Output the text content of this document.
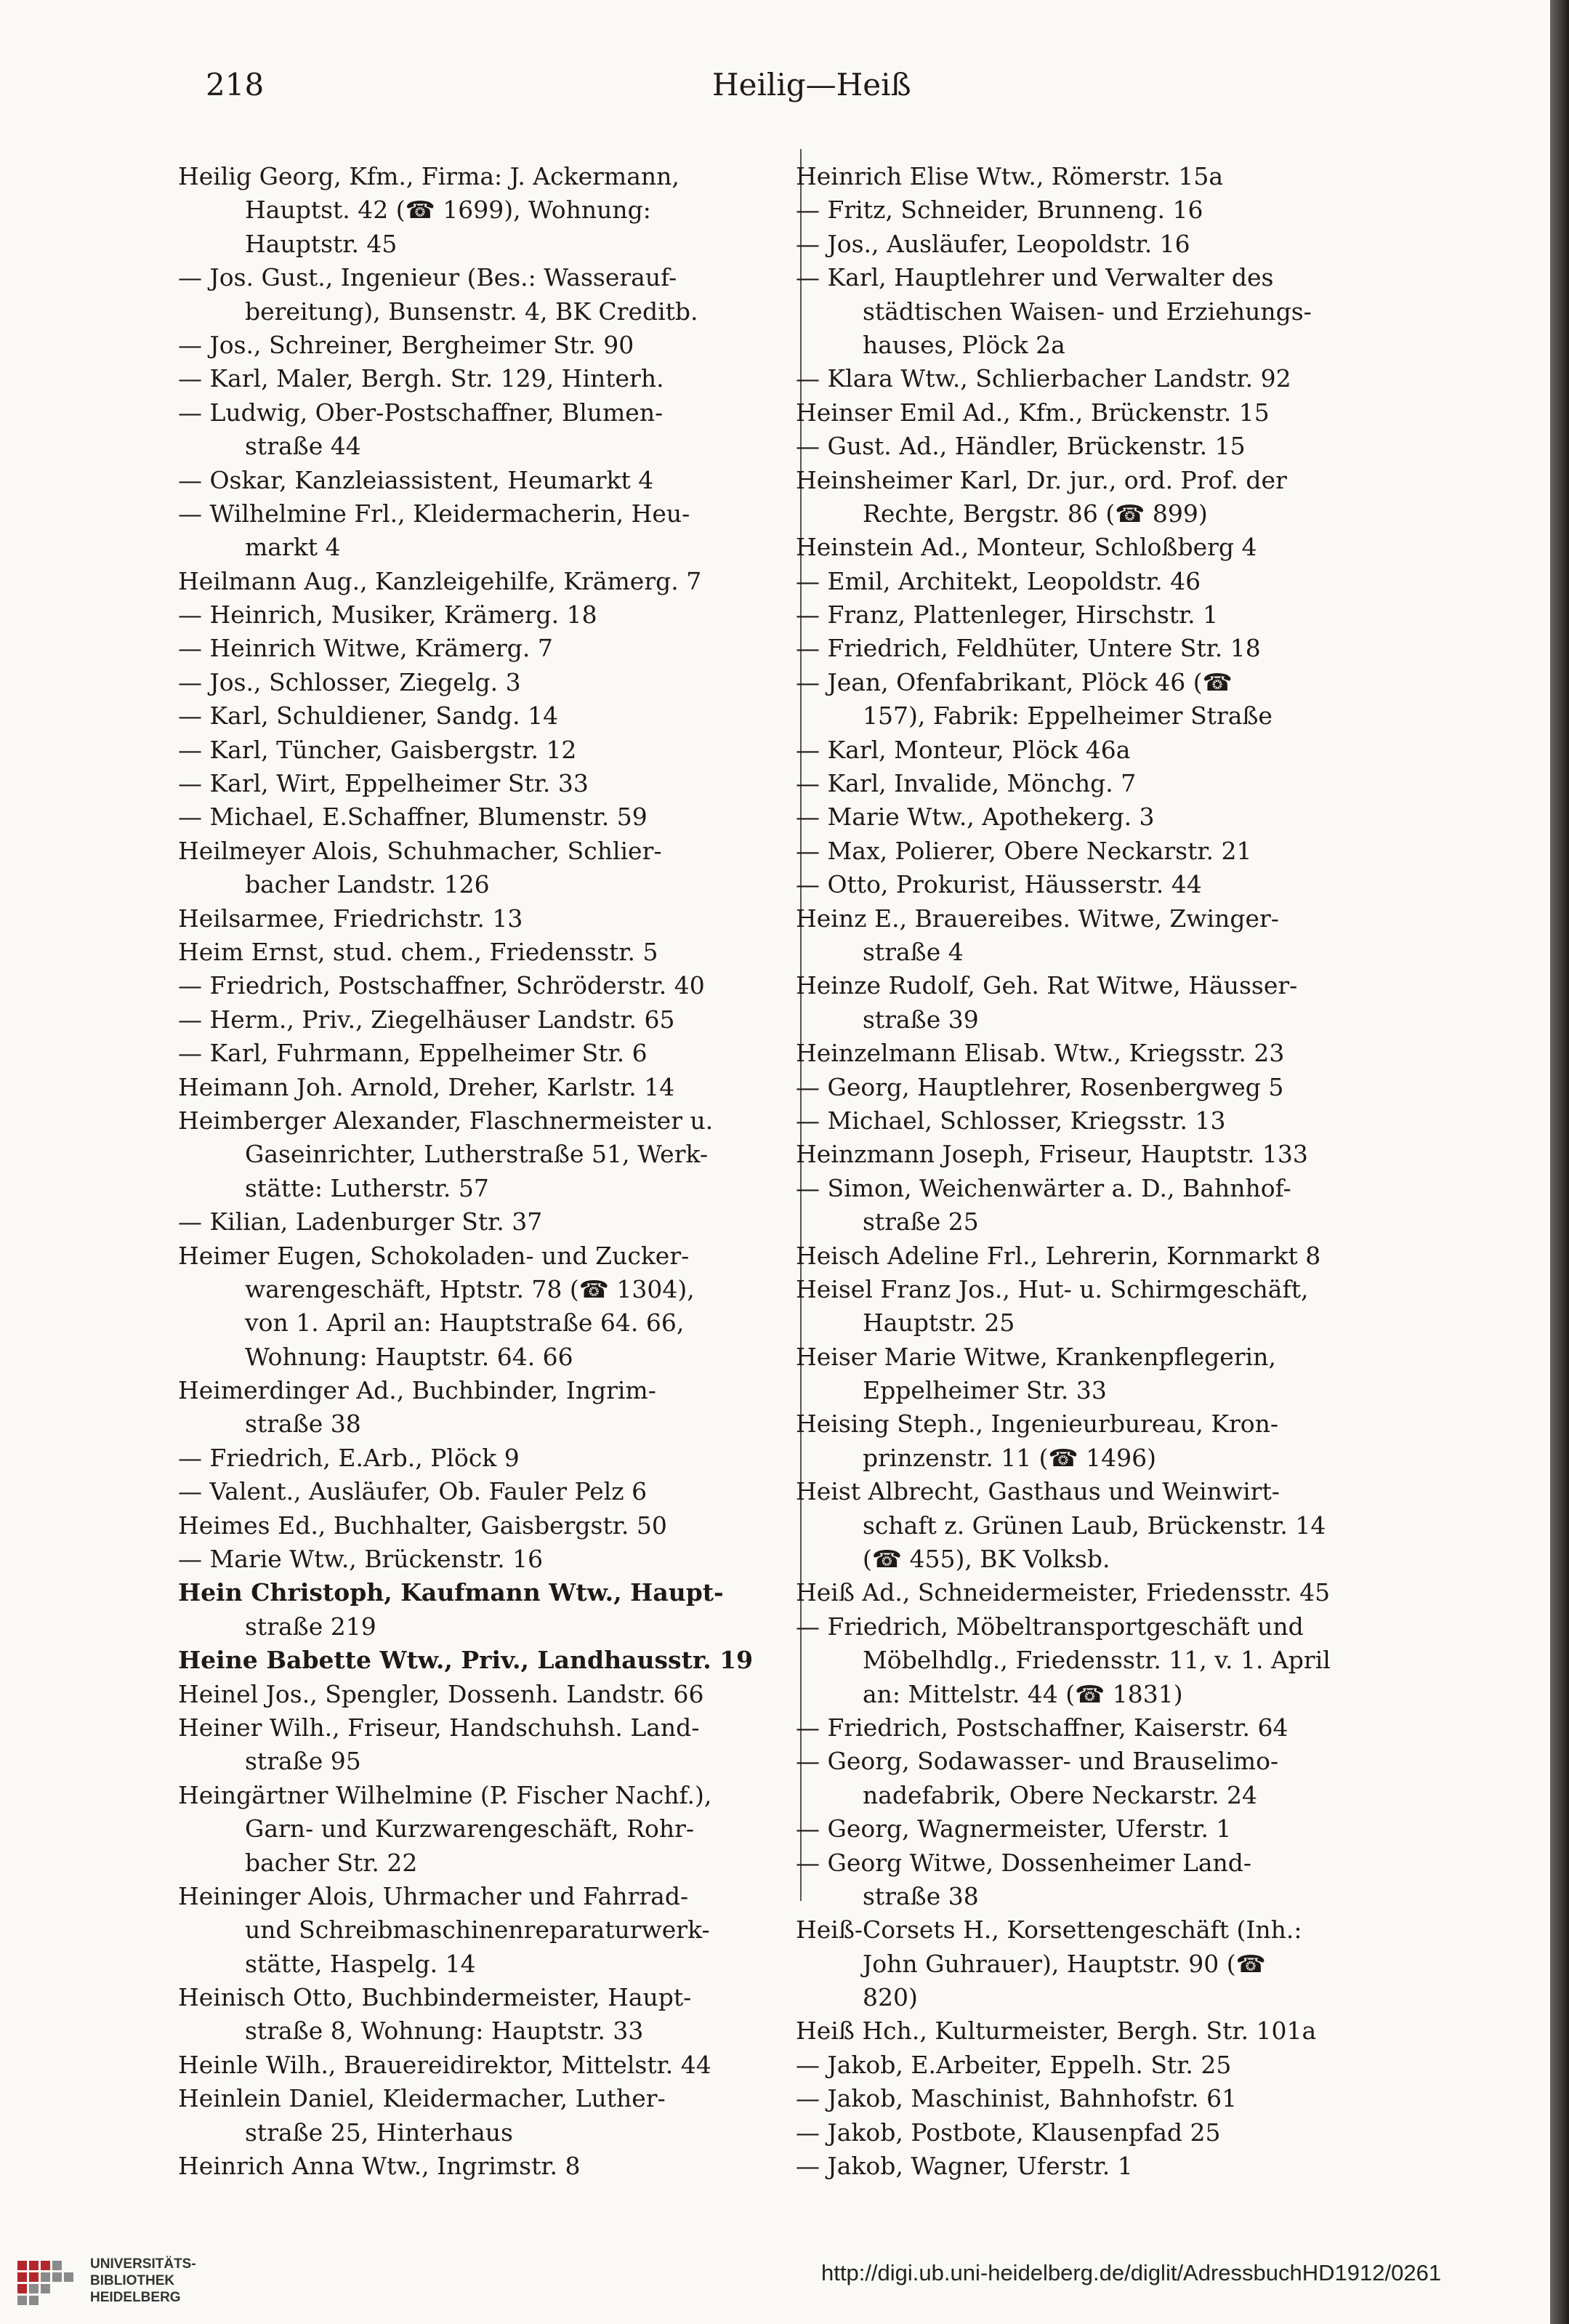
218	Heilig—Heiß
Heilig Georg, Kfm., Firma: J. Ackermann,
Hauptst. 42 (☎ 1699), Wohnung:
Hauptstr. 45
— Jos. Gust., Ingenieur (Bes.: Wasserauf-
bereitung), Bunsenstr. 4, BK Creditb.
— Jos., Schreiner, Bergheimer Str. 90
— Karl, Maler, Bergh. Str. 129, Hinterh.
— Ludwig, Ober-Postschaffner, Blumen-
straße 44
— Oskar, Kanzleiassistent, Heumarkt 4
— Wilhelmine Frl., Kleidermacherin, Heu-
markt 4
Heilmann Aug., Kanzleigehilfe, Krämerg. 7
— Heinrich, Musiker, Krämerg. 18
— Heinrich Witwe, Krämerg. 7
— Jos., Schlosser, Ziegelg. 3
— Karl, Schuldiener, Sandg. 14
— Karl, Tüncher, Gaisbergstr. 12
— Karl, Wirt, Eppelheimer Str. 33
— Michael, E.Schaffner, Blumenstr. 59
Heilmeyer Alois, Schuhmacher, Schlier-
bacher Landstr. 126
Heilsarmee, Friedrichstr. 13
Heim Ernst, stud. chem., Friedensstr. 5
— Friedrich, Postschaffner, Schröderstr. 40
— Herm., Priv., Ziegelhäuser Landstr. 65
— Karl, Fuhrmann, Eppelheimer Str. 6
Heimann Joh. Arnold, Dreher, Karlstr. 14
Heimberger Alexander, Flaschnermeister u.
Gaseinrichter, Lutherstraße 51, Werk-
stätte: Lutherstr. 57
— Kilian, Ladenburger Str. 37
Heimer Eugen, Schokoladen- und Zucker-
warengeschäft, Hptstr. 78 (☎ 1304),
von 1. April an: Hauptstraße 64. 66,
Wohnung: Hauptstr. 64. 66
Heimerdinger Ad., Buchbinder, Ingrim-
straße 38
— Friedrich, E.Arb., Plöck 9
— Valent., Ausläufer, Ob. Fauler Pelz 6
Heimes Ed., Buchhalter, Gaisbergstr. 50
— Marie Wtw., Brückenstr. 16
Hein Christoph, Kaufmann Wtw., Haupt-
straße 219
Heine Babette Wtw., Priv., Landhausstr. 19
Heinel Jos., Spengler, Dossenh. Landstr. 66
Heiner Wilh., Friseur, Handschuhsh. Land-
straße 95
Heingärtner Wilhelmine (P. Fischer Nachf.),
Garn- und Kurzwarengeschäft, Rohr-
bacher Str. 22
Heininger Alois, Uhrmacher und Fahrrad-
und Schreibmaschinenreparaturwerk-
stätte, Haspelg. 14
Heinisch Otto, Buchbindermeister, Haupt-
straße 8, Wohnung: Hauptstr. 33
Heinle Wilh., Brauereidirektor, Mittelstr. 44
Heinlein Daniel, Kleidermacher, Luther-
straße 25, Hinterhaus
Heinrich Anna Wtw., Ingrimstr. 8
Heinrich Elise Wtw., Römerstr. 15a
— Fritz, Schneider, Brunneng. 16
— Jos., Ausläufer, Leopoldstr. 16
— Karl, Hauptlehrer und Verwalter des
städtischen Waisen- und Erziehungs-
hauses, Plöck 2a
— Klara Wtw., Schlierbacher Landstr. 92
Heinser Emil Ad., Kfm., Brückenstr. 15
— Gust. Ad., Händler, Brückenstr. 15
Heinsheimer Karl, Dr. jur., ord. Prof. der
Rechte, Bergstr. 86 (☎ 899)
Heinstein Ad., Monteur, Schloßberg 4
— Emil, Architekt, Leopoldstr. 46
— Franz, Plattenleger, Hirschstr. 1
— Friedrich, Feldhüter, Untere Str. 18
— Jean, Ofenfabrikant, Plöck 46 (☎
157), Fabrik: Eppelheimer Straße
— Karl, Monteur, Plöck 46a
— Karl, Invalide, Mönchg. 7
— Marie Wtw., Apothekerg. 3
— Max, Polierer, Obere Neckarstr. 21
— Otto, Prokurist, Häusserstr. 44
Heinz E., Brauereibes. Witwe, Zwinger-
straße 4
Heinze Rudolf, Geh. Rat Witwe, Häusser-
straße 39
Heinzelmann Elisab. Wtw., Kriegsstr. 23
— Georg, Hauptlehrer, Rosenbergweg 5
— Michael, Schlosser, Kriegsstr. 13
Heinzmann Joseph, Friseur, Hauptstr. 133
— Simon, Weichenwärter a. D., Bahnhof-
straße 25
Heisch Adeline Frl., Lehrerin, Kornmarkt 8
Heisel Franz Jos., Hut- u. Schirmgeschäft,
Hauptstr. 25
Heiser Marie Witwe, Krankenpflegerin,
Eppelheimer Str. 33
Heising Steph., Ingenieurbureau, Kron-
prinzenstr. 11 (☎ 1496)
Heist Albrecht, Gasthaus und Weinwirt-
schaft z. Grünen Laub, Brückenstr. 14
(☎ 455), BK Volksb.
Heiß Ad., Schneidermeister, Friedensstr. 45
— Friedrich, Möbeltransportgeschäft und
Möbelhdlg., Friedensstr. 11, v. 1. April
an: Mittelstr. 44 (☎ 1831)
— Friedrich, Postschaffner, Kaiserstr. 64
— Georg, Sodawasser- und Brauselimo-
nadefabrik, Obere Neckarstr. 24
— Georg, Wagnermeister, Uferstr. 1
— Georg Witwe, Dossenheimer Land-
straße 38
Heiß-Corsets H., Korsettengeschäft (Inh.:
John Guhrauer), Hauptstr. 90 (☎
820)
Heiß Hch., Kulturmeister, Bergh. Str. 101a
— Jakob, E.Arbeiter, Eppelh. Str. 25
— Jakob, Maschinist, Bahnhofstr. 61
— Jakob, Postbote, Klausenpfad 25
— Jakob, Wagner, Uferstr. 1
UNIVERSITÄTS-
BIBLIOTHEK
HEIDELBERG
http://digi.ub.uni-heidelberg.de/diglit/AdressbuchHD1912/0261
